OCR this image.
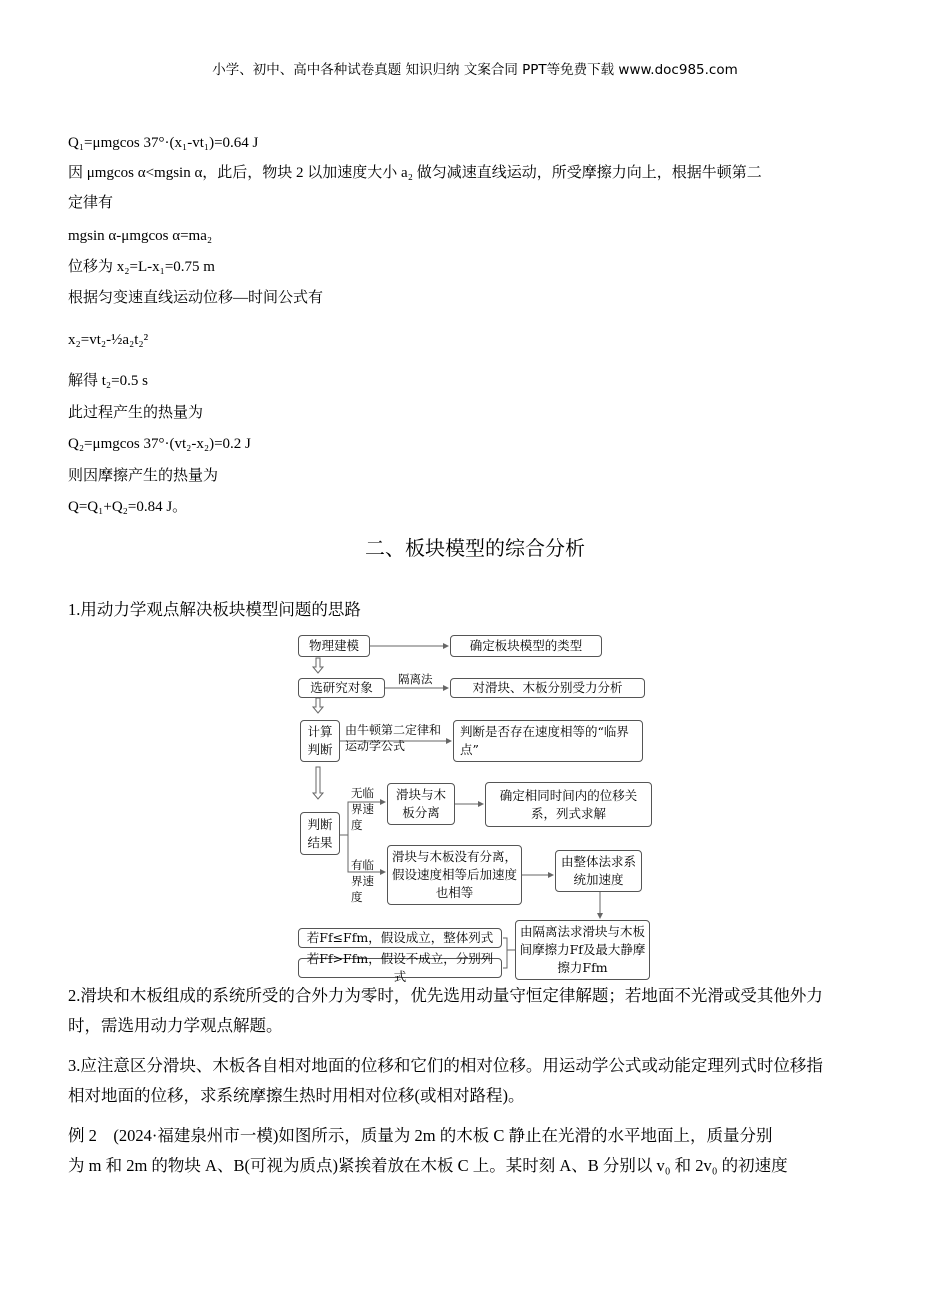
小学、初中、高中各种试卷真题 知识归纳 文案合同 PPT等免费下载 www.doc985.com
Q₁=μmgcos 37°·(x₁-vt₁)=0.64 J
因 μmgcos α<mgsin α，此后，物块 2 以加速度大小 a₂ 做匀减速直线运动，所受摩擦力向上，根据牛顿第二
定律有
mgsin α-μmgcos α=ma₂
位移为 x₂=L-x₁=0.75 m
根据匀变速直线运动位移—时间公式有
x₂=vt₂-½a₂t₂²
解得 t₂=0.5 s
此过程产生的热量为
Q₂=μmgcos 37°·(vt₂-x₂)=0.2 J
则因摩擦产生的热量为
Q=Q₁+Q₂=0.84 J。
二、板块模型的综合分析
1.用动力学观点解决板块模型问题的思路
物理建模	确定板块模型的类型
选研究对象
隔离法
对滑块、木板分别受力分析
计算判断
由牛顿第二定律和运动学公式
判断是否存在速度相等的“临界点”
判断结果
无临界速度
滑块与木板分离
确定相同时间内的位移关系，列式求解
有临界速度
滑块与木板没有分离，假设速度相等后加速度也相等
由整体法求系统加速度
由隔离法求滑块与木板间摩擦力Ff及最大静摩擦力Ffm
若Ff≤Ffm，假设成立，整体列式
若Ff>Ffm，假设不成立，分别列式
2.滑块和木板组成的系统所受的合外力为零时，优先选用动量守恒定律解题；若地面不光滑或受其他外力
时，需选用动力学观点解题。
3.应注意区分滑块、木板各自相对地面的位移和它们的相对位移。用运动学公式或动能定理列式时位移指
相对地面的位移，求系统摩擦生热时用相对位移(或相对路程)。
例 2　(2024·福建泉州市一模)如图所示，质量为 2m 的木板 C 静止在光滑的水平地面上，质量分别
为 m 和 2m 的物块 A、B(可视为质点)紧挨着放在木板 C 上。某时刻 A、B 分别以 v₀ 和 2v₀ 的初速度
